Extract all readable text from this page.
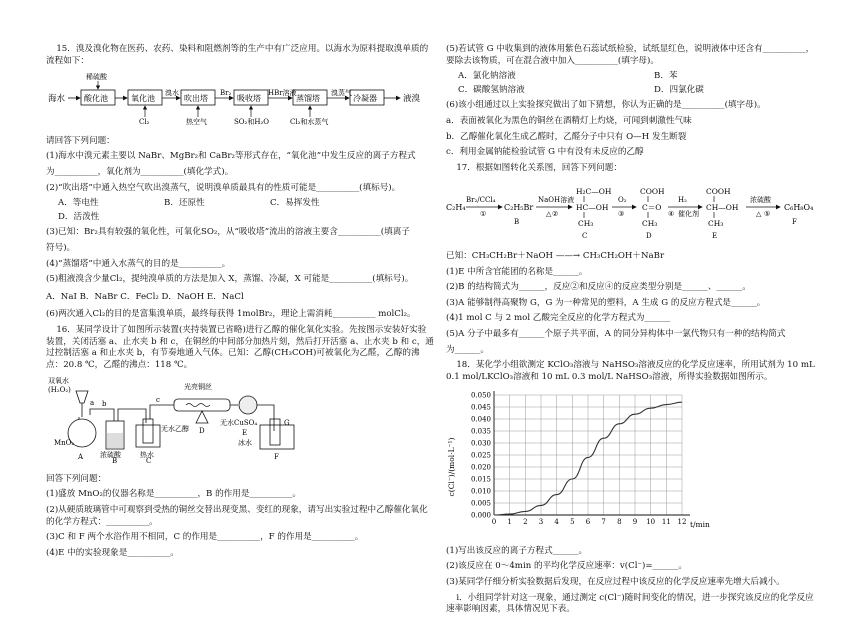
15．溴及溴化物在医药、农药、染料和阻燃剂等的生产中有广泛应用。以海水为原料提取溴单质的流程如下：

海水 酸化池	氧化池	吹出塔	吸收塔	蒸馏塔	冷凝器	液溴
稀硫酸
溴水	Br₂	HBr溶液	溴蒸气
Cl₂	热空气	SO₂和H₂O	Cl₂和水蒸气

请回答下列问题：

(1)海水中溴元素主要以 NaBr、MgBr₂和 CaBr₂等形式存在，“氧化池”中发生反应的离子方程式

为__________，氧化剂为__________(填化学式)。

(2)“吹出塔”中通入热空气吹出溴蒸气，说明溴单质最具有的性质可能是__________(填标号)。

A．等电性	B．还原性	C．易挥发性
D．活泼性

(3)已知：Br₂具有较强的氧化性，可氧化SO₂，从“吸收塔”流出的溶液主要含__________(填离子

符号)。

(4)“蒸馏塔”中通入水蒸气的目的是__________。

(5)粗液溴含少量Cl₂，提纯溴单质的方法是加入 X，蒸馏、冷凝，X 可能是__________(填标号)。

A．NaI B．NaBr C．FeCl₂ D．NaOH E．NaCl

(6)两次通入Cl₂的目的是富集溴单质，最终每获得 1molBr₂，理论上需消耗__________ molCl₂。

16．某同学设计了如图所示装置(夹持装置已省略)进行乙醇的催化氧化实验。先按图示安装好实验装置，关闭活塞 a、止水夹 b 和 c，在铜丝的中间部分加热片刻，然后打开活塞 a、止水夹 b 和 c，通过控制活塞 a 和止水夹 b，有节奏地通入气体。已知：乙醇(CH₃COH)可被氧化为乙醛，乙醇的沸点：20.8 ℃，乙醛的沸点：118 ℃。

双氧水
(H₂O₂)
a
MnO₂
A
b
浓硫酸
B
无水乙醇
热水
C
c
光亮铜丝
D
无水CuSO₄
E
G
冰水
F

回答下列问题：

(1)盛放 MnO₂的仪器名称是__________，B 的作用是__________。

(2)从硬质玻璃管中可观察到受热的铜丝交替出现变黑、变红的现象，请写出实验过程中乙醇催化氧化的化学方程式：__________。

(3)C 和 F 两个水浴作用不相同，C 的作用是__________，F 的作用是__________。

(4)E 中的实验现象是__________。

(5)若试管 G 中收集到的液体用紫色石蕊试纸检验，试纸显红色，说明液体中还含有__________，要除去该物质，可在混合液中加入__________(填字母)。

A．氯化钠溶液	B．苯
C．碳酸氢钠溶液	D．四氯化碳

(6)该小组通过以上实验探究做出了如下猜想，你认为正确的是__________(填字母)。

a．表面被氧化为黑色的铜丝在酒精灯上灼烧，可闻到刺激性气味

b．乙醇催化氧化生成乙醛时，乙醛分子中只有 O—H 发生断裂

c．利用金属钠能检验试管 G 中有没有未反应的乙醇

17．根据如图转化关系图，回答下列问题：

C₂H₄
Br₂/CCl₄
①
C₂H₅Br
B
NaOH溶液
△ ②
H₂C—OH
HC—OH
CH₃
C
O₂
③
COOH
C＝O
CH₃
D
H₂
④ 催化剂
COOH
CH—OH
CH₃
E
浓硫酸
△ ⑤
C₆H₈O₄
F

已知：CH₃CH₂Br＋NaOH ——→ CH₃CH₂OH＋NaBr

(1)E 中所含官能团的名称是______。

(2)B 的结构简式为______，反应②和反应④的反应类型分别是______、______。

(3)A 能够制得高聚物 G，G 为一种常见的塑料，A 生成 G 的反应方程式是______。

(4)1 mol C 与 2 mol 乙酸完全反应的化学方程式为______

(5)A 分子中最多有______个原子共平面，A 的同分异构体中一氯代物只有一种的结构简式

为______。

18．某化学小组欲测定 KClO₃溶液与 NaHSO₃溶液反应的化学反应速率，所用试剂为 10 mL 0.1 mol/LKClO₃溶液和 10 mL 0.3 mol/L NaHSO₃溶液，所得实验数据如图所示。

0 1 2 3 4 5 6 7 8 9 10 11 12
0.000
0.005
0.010
0.015
0.020
0.025
0.030
0.035
0.040
0.045
0.050
c(Cl⁻)/(mol·L⁻¹)
t/min

(1)写出该反应的离子方程式______。

(2)该反应在 0～4min 的平均化学反应速率：v(Cl⁻)=______。

(3)某同学仔细分析实验数据后发现，在反应过程中该反应的化学反应速率先增大后减小。

ⅰ．小组同学针对这一现象，通过测定 c(Cl⁻)随时间变化的情况，进一步探究该反应的化学反应速率影响因素，具体情况见下表。
